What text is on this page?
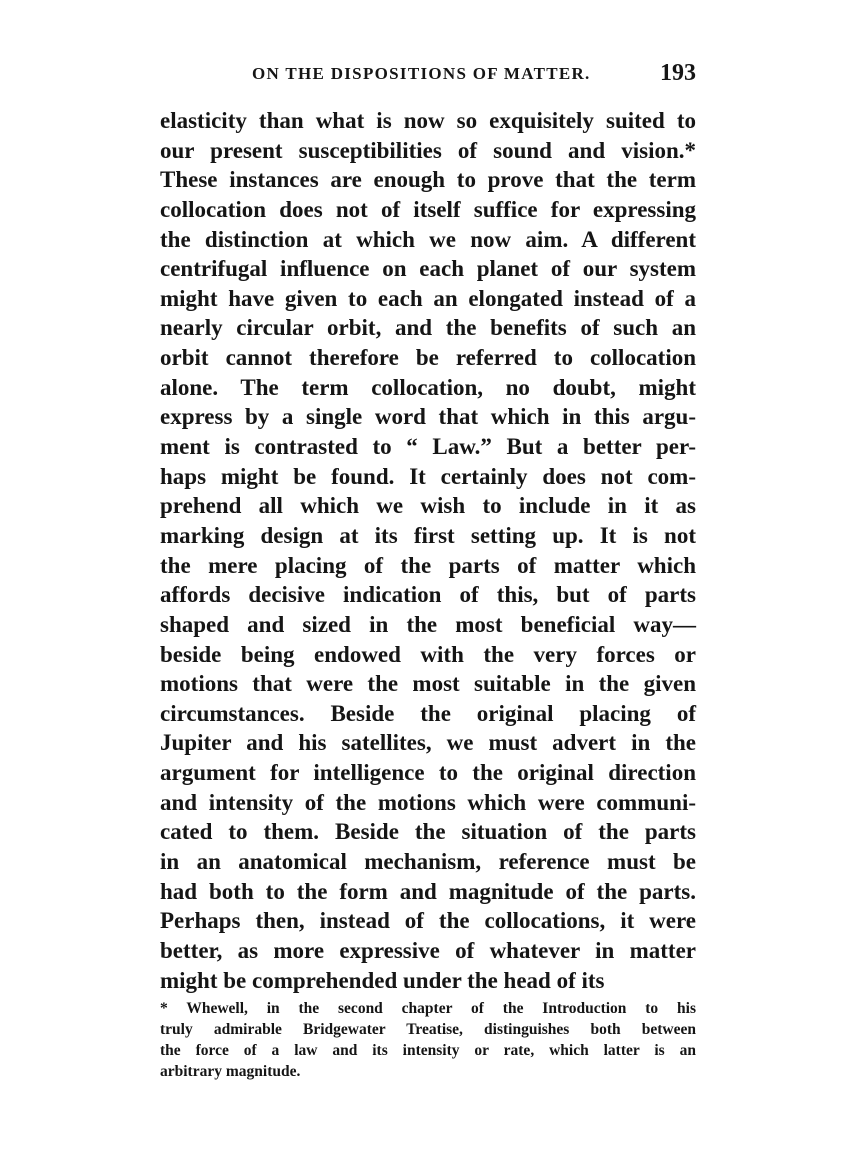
ON THE DISPOSITIONS OF MATTER.	193
elasticity than what is now so exquisitely suited to
our present susceptibilities of sound and vision.*
These instances are enough to prove that the term
collocation does not of itself suffice for expressing
the distinction at which we now aim. A different
centrifugal influence on each planet of our system
might have given to each an elongated instead of a
nearly circular orbit, and the benefits of such an
orbit cannot therefore be referred to collocation
alone. The term collocation, no doubt, might
express by a single word that which in this argu-
ment is contrasted to “ Law.” But a better per-
haps might be found. It certainly does not com-
prehend all which we wish to include in it as
marking design at its first setting up. It is not
the mere placing of the parts of matter which
affords decisive indication of this, but of parts
shaped and sized in the most beneficial way—
beside being endowed with the very forces or
motions that were the most suitable in the given
circumstances. Beside the original placing of
Jupiter and his satellites, we must advert in the
argument for intelligence to the original direction
and intensity of the motions which were communi-
cated to them. Beside the situation of the parts
in an anatomical mechanism, reference must be
had both to the form and magnitude of the parts.
Perhaps then, instead of the collocations, it were
better, as more expressive of whatever in matter
might be comprehended under the head of its
* Whewell, in the second chapter of the Introduction to his
truly admirable Bridgewater Treatise, distinguishes both between
the force of a law and its intensity or rate, which latter is an
arbitrary magnitude.
